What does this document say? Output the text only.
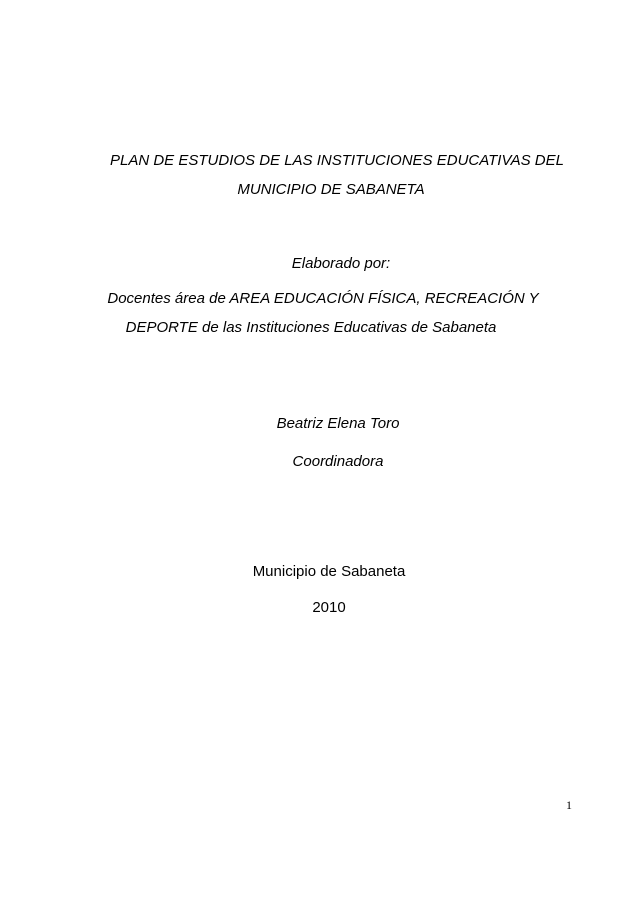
PLAN DE ESTUDIOS DE LAS INSTITUCIONES EDUCATIVAS DEL
MUNICIPIO DE SABANETA
Elaborado por:
Docentes área de AREA EDUCACIÓN FÍSICA, RECREACIÓN Y
DEPORTE de las Instituciones Educativas de Sabaneta
Beatriz Elena Toro
Coordinadora
Municipio de Sabaneta
2010
1
